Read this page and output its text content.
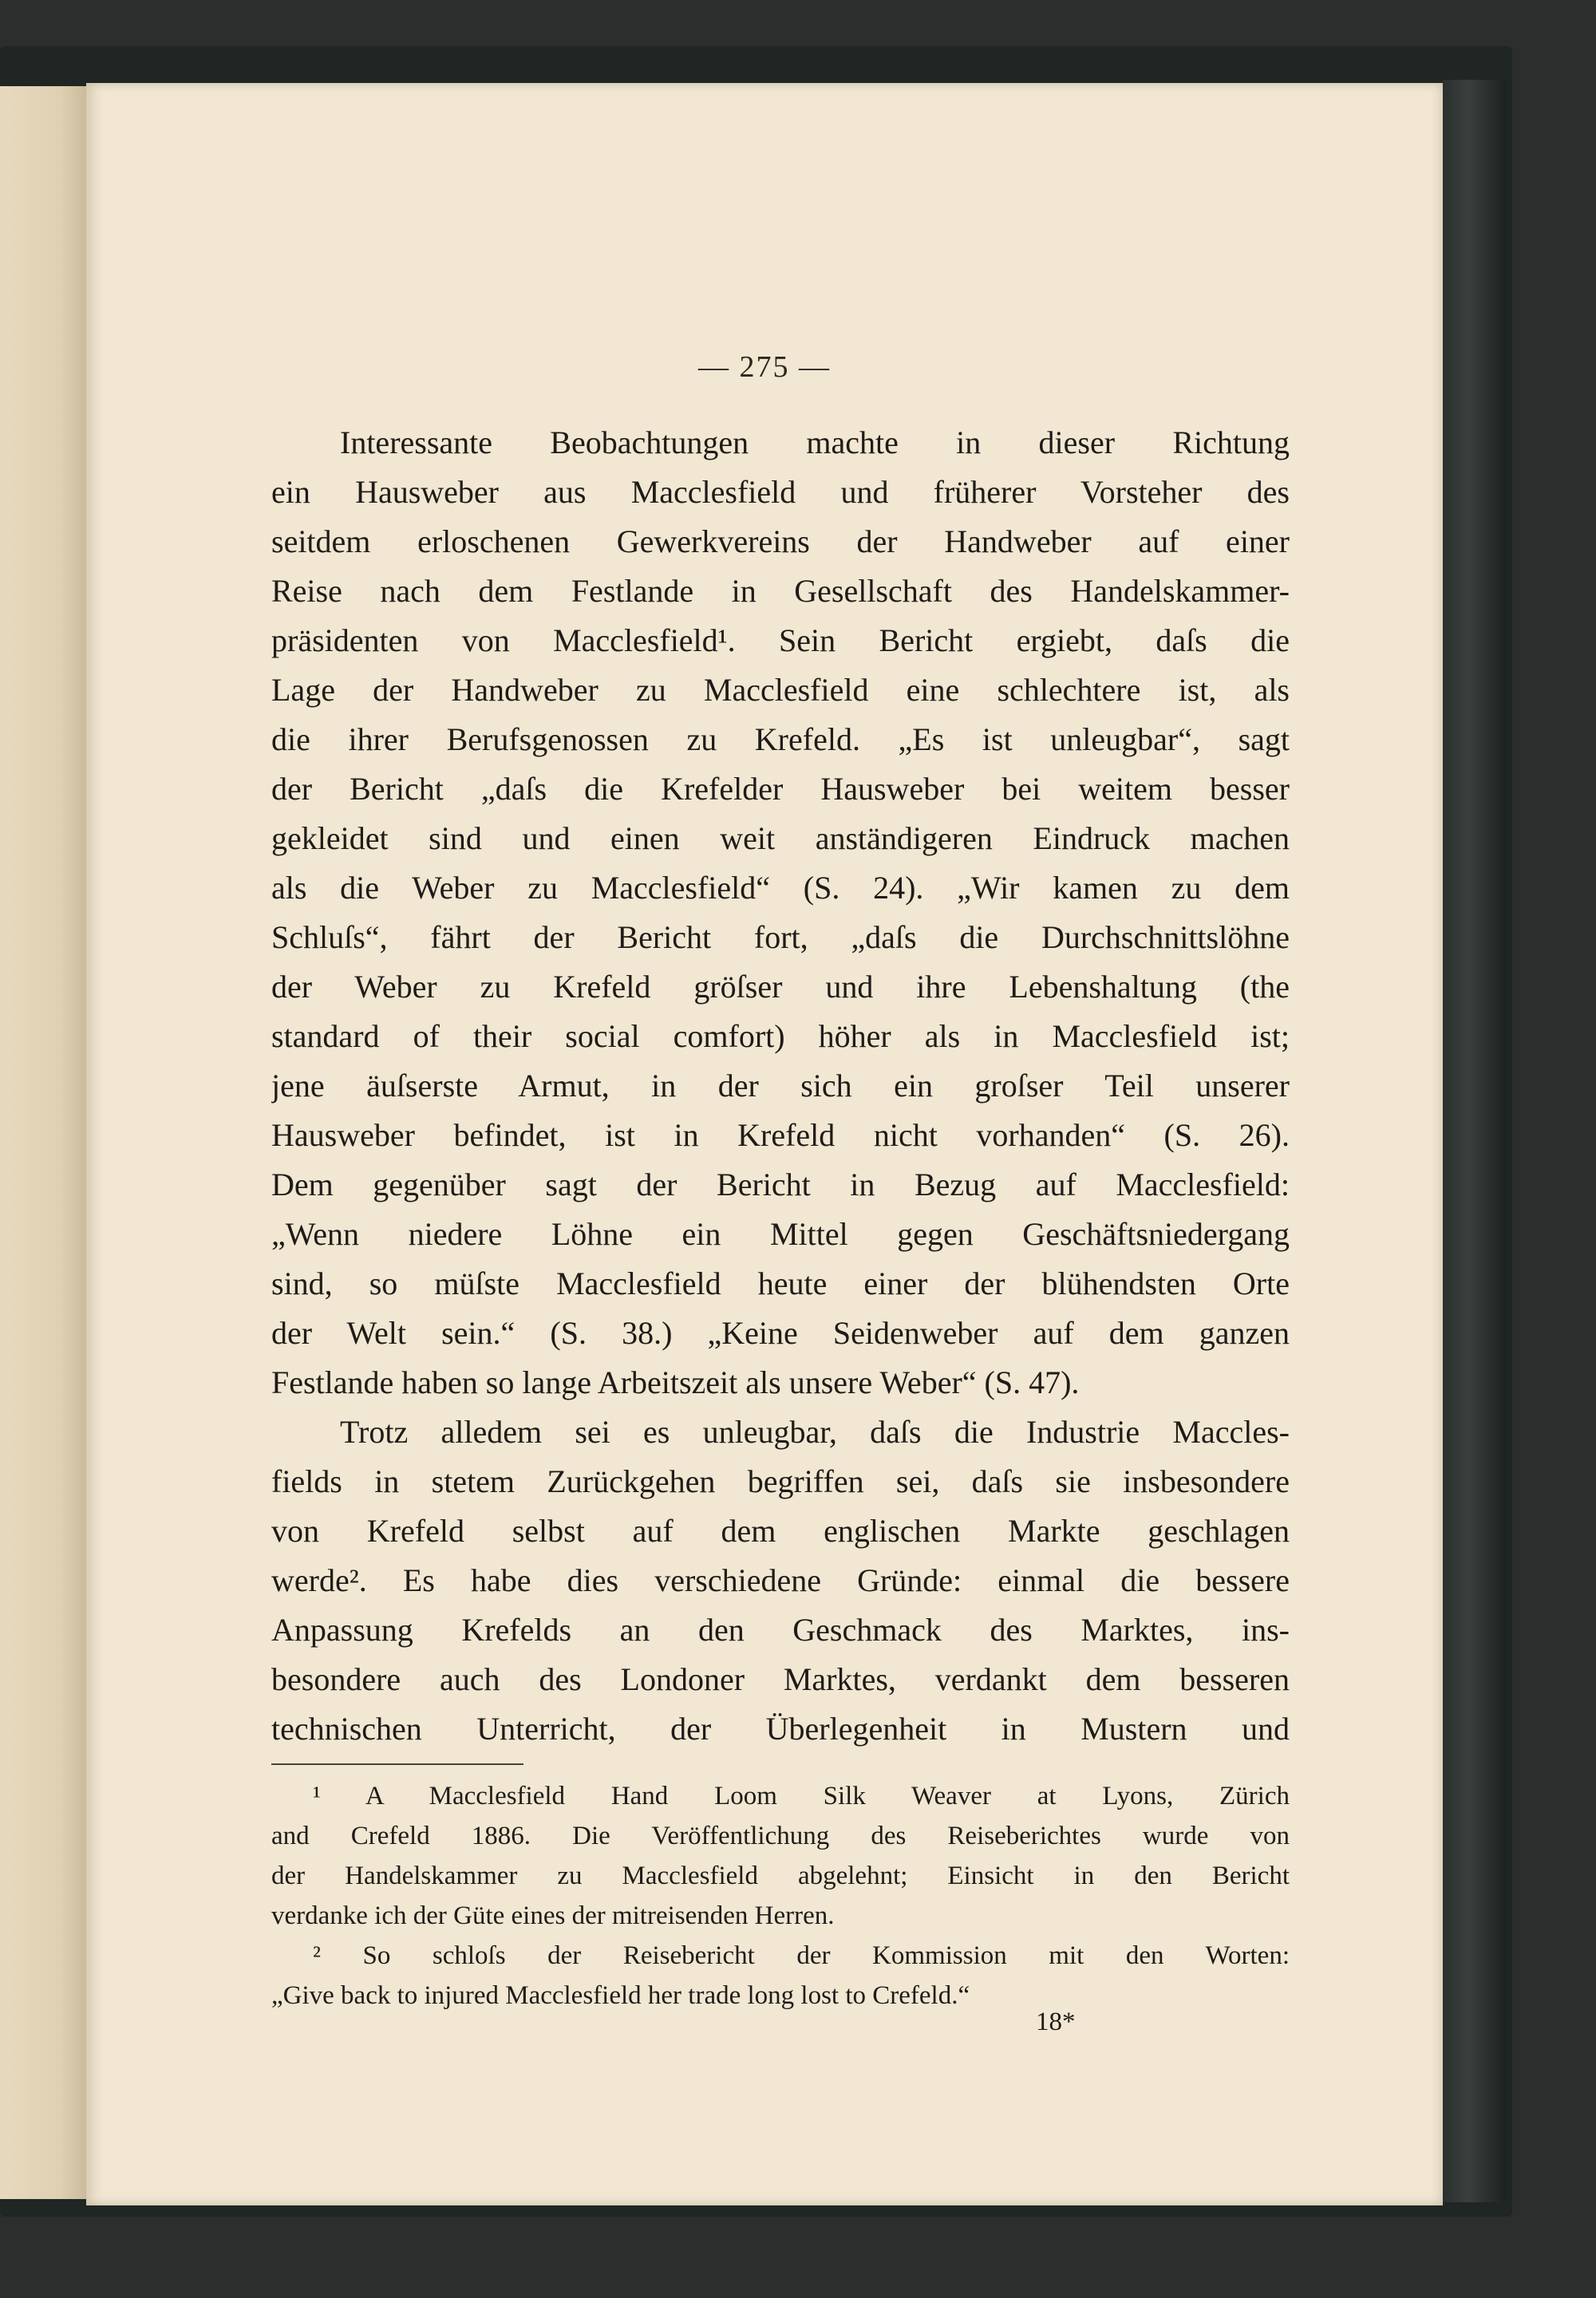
— 275 —
Interessante Beobachtungen machte in dieser Richtung
ein Hausweber aus Macclesfield und früherer Vorsteher des
seitdem erloschenen Gewerkvereins der Handweber auf einer
Reise nach dem Festlande in Gesellschaft des Handelskammer-
präsidenten von Macclesfield¹. Sein Bericht ergiebt, daſs die
Lage der Handweber zu Macclesfield eine schlechtere ist, als
die ihrer Berufsgenossen zu Krefeld. „Es ist unleugbar“, sagt
der Bericht „daſs die Krefelder Hausweber bei weitem besser
gekleidet sind und einen weit anständigeren Eindruck machen
als die Weber zu Macclesfield“ (S. 24). „Wir kamen zu dem
Schluſs“, fährt der Bericht fort, „daſs die Durchschnittslöhne
der Weber zu Krefeld gröſser und ihre Lebenshaltung (the
standard of their social comfort) höher als in Macclesfield ist;
jene äuſserste Armut, in der sich ein groſser Teil unserer
Hausweber befindet, ist in Krefeld nicht vorhanden“ (S. 26).
Dem gegenüber sagt der Bericht in Bezug auf Macclesfield:
„Wenn niedere Löhne ein Mittel gegen Geschäftsniedergang
sind, so müſste Macclesfield heute einer der blühendsten Orte
der Welt sein.“ (S. 38.) „Keine Seidenweber auf dem ganzen
Festlande haben so lange Arbeitszeit als unsere Weber“ (S. 47).
Trotz alledem sei es unleugbar, daſs die Industrie Maccles-
fields in stetem Zurückgehen begriffen sei, daſs sie insbesondere
von Krefeld selbst auf dem englischen Markte geschlagen
werde². Es habe dies verschiedene Gründe: einmal die bessere
Anpassung Krefelds an den Geschmack des Marktes, ins-
besondere auch des Londoner Marktes, verdankt dem besseren
technischen Unterricht, der Überlegenheit in Mustern und
¹ A Macclesfield Hand Loom Silk Weaver at Lyons, Zürich
and Crefeld 1886. Die Veröffentlichung des Reiseberichtes wurde von
der Handelskammer zu Macclesfield abgelehnt; Einsicht in den Bericht
verdanke ich der Güte eines der mitreisenden Herren.
² So schloſs der Reisebericht der Kommission mit den Worten:
„Give back to injured Macclesfield her trade long lost to Crefeld.“
18*
